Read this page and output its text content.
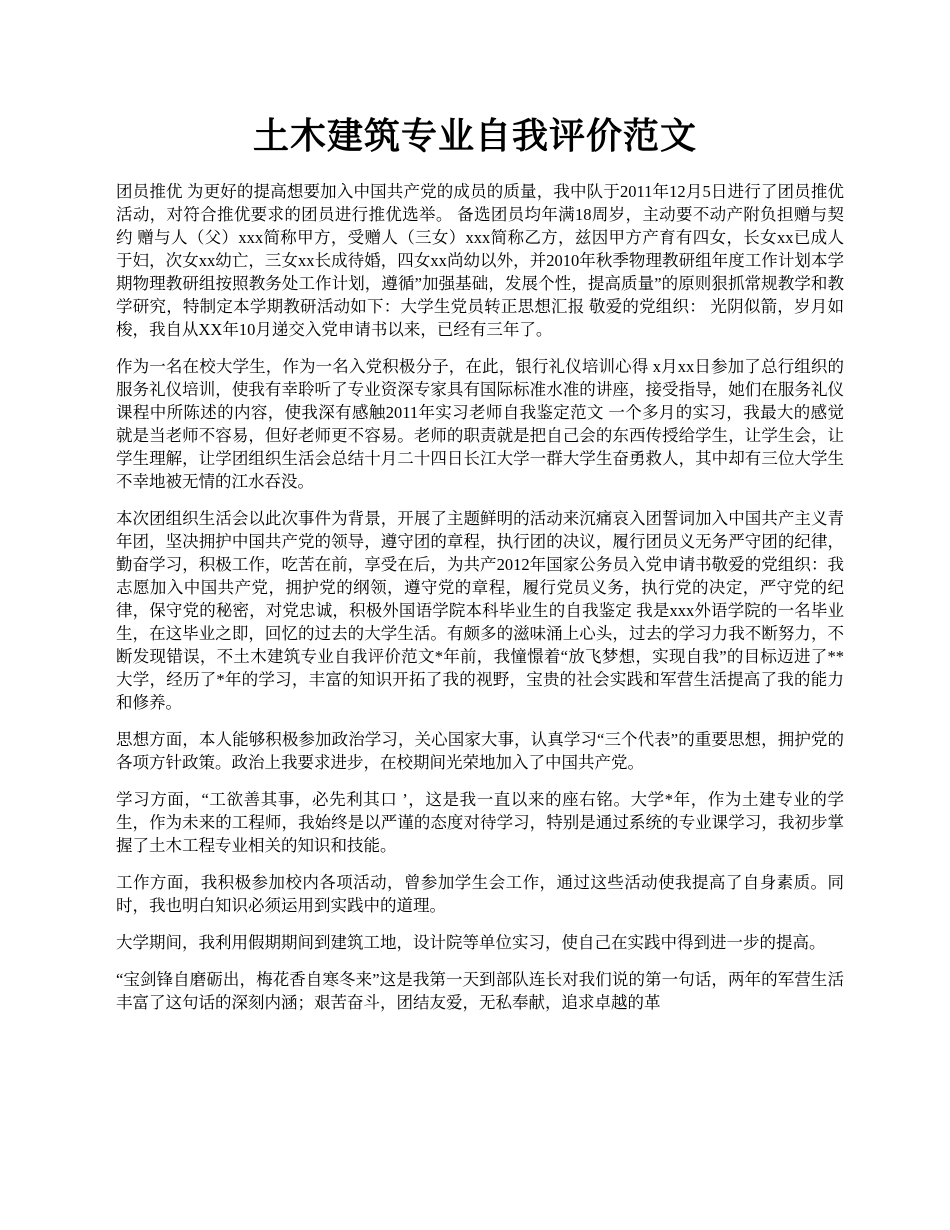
土木建筑专业自我评价范文

团员推优 为更好的提高想要加入中国共产党的成员的质量，我中队于2011年12月5日进行了团员推优活动，对符合推优要求的团员进行推优选举。 备选团员均年满18周岁，主动要不动产附负担赠与契约 赠与人（父）xxx简称甲方，受赠人（三女）xxx简称乙方，兹因甲方产育有四女，长女xx已成人于妇，次女xx幼亡，三女xx长成待婚，四女xx尚幼以外，并2010年秋季物理教研组年度工作计划本学期物理教研组按照教务处工作计划，遵循”加强基础，发展个性，提高质量”的原则狠抓常规教学和教学研究，特制定本学期教研活动如下：大学生党员转正思想汇报 敬爱的党组织： 光阴似箭，岁月如梭，我自从XX年10月递交入党申请书以来，已经有三年了。

作为一名在校大学生，作为一名入党积极分子，在此，银行礼仪培训心得 x月xx日参加了总行组织的服务礼仪培训，使我有幸聆听了专业资深专家具有国际标准水准的讲座，接受指导，她们在服务礼仪课程中所陈述的内容，使我深有感触2011年实习老师自我鉴定范文 一个多月的实习，我最大的感觉就是当老师不容易，但好老师更不容易。老师的职责就是把自己会的东西传授给学生，让学生会，让学生理解，让学团组织生活会总结十月二十四日长江大学一群大学生奋勇救人，其中却有三位大学生不幸地被无情的江水吞没。

本次团组织生活会以此次事件为背景，开展了主题鲜明的活动来沉痛哀入团誓词加入中国共产主义青年团，坚决拥护中国共产党的领导，遵守团的章程，执行团的决议，履行团员义无务严守团的纪律，勤奋学习，积极工作，吃苦在前，享受在后，为共产2012年国家公务员入党申请书敬爱的党组织：我志愿加入中国共产党，拥护党的纲领，遵守党的章程，履行党员义务，执行党的决定，严守党的纪律，保守党的秘密，对党忠诚，积极外国语学院本科毕业生的自我鉴定 我是xxx外语学院的一名毕业生，在这毕业之即，回忆的过去的大学生活。有颇多的滋味涌上心头，过去的学习力我不断努力，不断发现错误，不土木建筑专业自我评价范文*年前，我憧憬着“放飞梦想，实现自我”的目标迈进了**大学，经历了*年的学习，丰富的知识开拓了我的视野，宝贵的社会实践和军营生活提高了我的能力和修养。

思想方面，本人能够积极参加政治学习，关心国家大事，认真学习“三个代表”的重要思想，拥护党的各项方针政策。政治上我要求进步，在校期间光荣地加入了中国共产党。

学习方面，“工欲善其事，必先利其口 ’，这是我一直以来的座右铭。大学*年，作为土建专业的学生，作为未来的工程师，我始终是以严谨的态度对待学习，特别是通过系统的专业课学习，我初步掌握了土木工程专业相关的知识和技能。

工作方面，我积极参加校内各项活动，曾参加学生会工作，通过这些活动使我提高了自身素质。同时，我也明白知识必须运用到实践中的道理。

大学期间，我利用假期期间到建筑工地，设计院等单位实习，使自己在实践中得到进一步的提高。

“宝剑锋自磨砺出，梅花香自寒冬来”这是我第一天到部队连长对我们说的第一句话，两年的军营生活丰富了这句话的深刻内涵；艰苦奋斗，团结友爱，无私奉献，追求卓越的革
